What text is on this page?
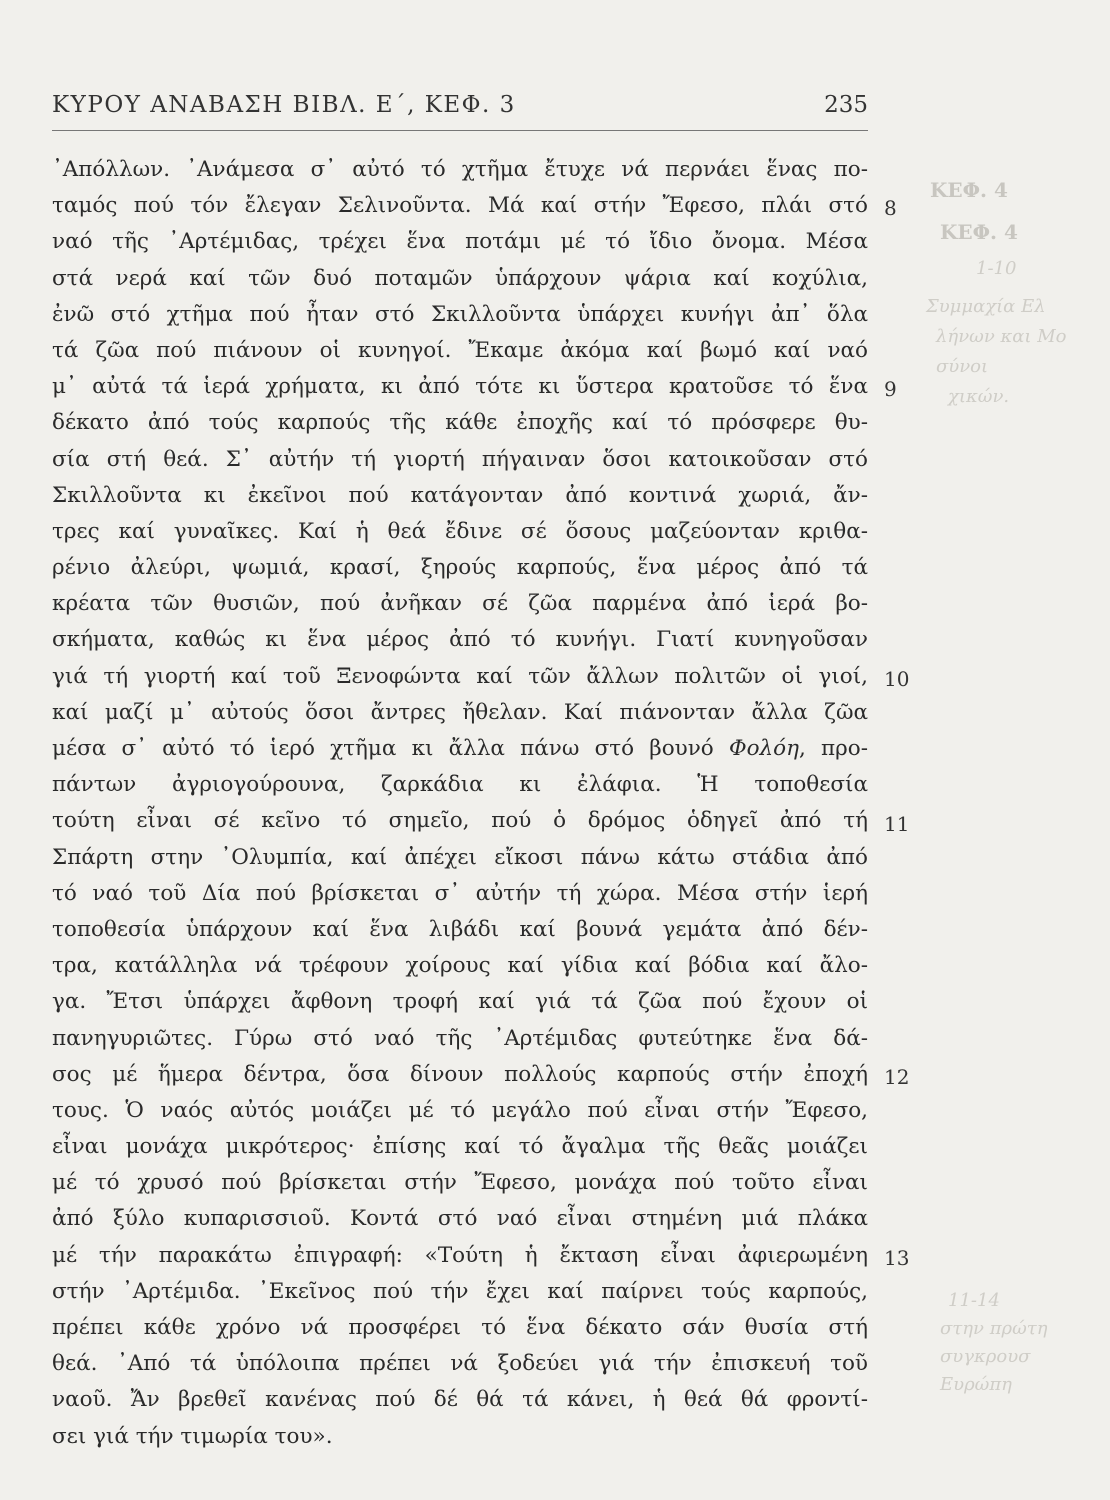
ΚΥΡΟΥ ΑΝΑΒΑΣΗ ΒΙΒΛ. Ε΄, ΚΕΦ. 3	235
ΚΕΦ. 4
ΚΕΦ. 4
1-10
Συμμαχία Ελ
λήνων και Μο
σύνοι
χικών.
11-14
στην πρώτη
συγκρουσ
Ευρώπη
᾿Απόλλων. ᾿Ανάμεσα σ᾿ αὐτό τό χτῆμα ἔτυχε νά περνάει ἕνας πο-
ταμός πού τόν ἔλεγαν Σελινοῦντα. Μά καί στήν Ἔφεσο, πλάι στό
ναό τῆς ᾿Αρτέμιδας, τρέχει ἕνα ποτάμι μέ τό ἴδιο ὄνομα. Μέσα
στά νερά καί τῶν δυό ποταμῶν ὑπάρχουν ψάρια καί κοχύλια,
ἐνῶ στό χτῆμα πού ἦταν στό Σκιλλοῦντα ὑπάρχει κυνήγι ἀπ᾿ ὅλα
τά ζῶα πού πιάνουν οἱ κυνηγοί. Ἔκαμε ἀκόμα καί βωμό καί ναό
μ᾿ αὐτά τά ἱερά χρήματα, κι ἀπό τότε κι ὕστερα κρατοῦσε τό ἕνα
δέκατο ἀπό τούς καρπούς τῆς κάθε ἐποχῆς καί τό πρόσφερε θυ-
σία στή θεά. Σ᾿ αὐτήν τή γιορτή πήγαιναν ὅσοι κατοικοῦσαν στό
Σκιλλοῦντα κι ἐκεῖνοι πού κατάγονταν ἀπό κοντινά χωριά, ἄν-
τρες καί γυναῖκες. Καί ἡ θεά ἔδινε σέ ὅσους μαζεύονταν κριθα-
ρένιο ἀλεύρι, ψωμιά, κρασί, ξηρούς καρπούς, ἕνα μέρος ἀπό τά
κρέατα τῶν θυσιῶν, πού ἀνῆκαν σέ ζῶα παρμένα ἀπό ἱερά βο-
σκήματα, καθώς κι ἕνα μέρος ἀπό τό κυνήγι. Γιατί κυνηγοῦσαν
γιά τή γιορτή καί τοῦ Ξενοφώντα καί τῶν ἄλλων πολιτῶν οἱ γιοί,
καί μαζί μ᾿ αὐτούς ὅσοι ἄντρες ἤθελαν. Καί πιάνονταν ἄλλα ζῶα
μέσα σ᾿ αὐτό τό ἱερό χτῆμα κι ἄλλα πάνω στό βουνό Φολόη, προ-
πάντων ἀγριογούρουνα, ζαρκάδια κι ἐλάφια. Ἡ τοποθεσία
τούτη εἶναι σέ κεῖνο τό σημεῖο, πού ὁ δρόμος ὁδηγεῖ ἀπό τή
Σπάρτη στην ᾿Ολυμπία, καί ἀπέχει εἴκοσι πάνω κάτω στάδια ἀπό
τό ναό τοῦ Δία πού βρίσκεται σ᾿ αὐτήν τή χώρα. Μέσα στήν ἱερή
τοποθεσία ὑπάρχουν καί ἕνα λιβάδι καί βουνά γεμάτα ἀπό δέν-
τρα, κατάλληλα νά τρέφουν χοίρους καί γίδια καί βόδια καί ἄλο-
γα. Ἔτσι ὑπάρχει ἄφθονη τροφή καί γιά τά ζῶα πού ἔχουν οἱ
πανηγυριῶτες. Γύρω στό ναό τῆς ᾿Αρτέμιδας φυτεύτηκε ἕνα δά-
σος μέ ἥμερα δέντρα, ὅσα δίνουν πολλούς καρπούς στήν ἐποχή
τους. Ὁ ναός αὐτός μοιάζει μέ τό μεγάλο πού εἶναι στήν Ἔφεσο,
εἶναι μονάχα μικρότερος· ἐπίσης καί τό ἄγαλμα τῆς θεᾶς μοιάζει
μέ τό χρυσό πού βρίσκεται στήν Ἔφεσο, μονάχα πού τοῦτο εἶναι
ἀπό ξύλο κυπαρισσιοῦ. Κοντά στό ναό εἶναι στημένη μιά πλάκα
μέ τήν παρακάτω ἐπιγραφή: «Τούτη ἡ ἔκταση εἶναι ἀφιερωμένη
στήν ᾿Αρτέμιδα. ᾿Εκεῖνος πού τήν ἔχει καί παίρνει τούς καρπούς,
πρέπει κάθε χρόνο νά προσφέρει τό ἕνα δέκατο σάν θυσία στή
θεά. ᾿Από τά ὑπόλοιπα πρέπει νά ξοδεύει γιά τήν ἐπισκευή τοῦ
ναοῦ. Ἄν βρεθεῖ κανένας πού δέ θά τά κάνει, ἡ θεά θά φροντί-
σει γιά τήν τιμωρία του».
8
9
10
11
12
13
